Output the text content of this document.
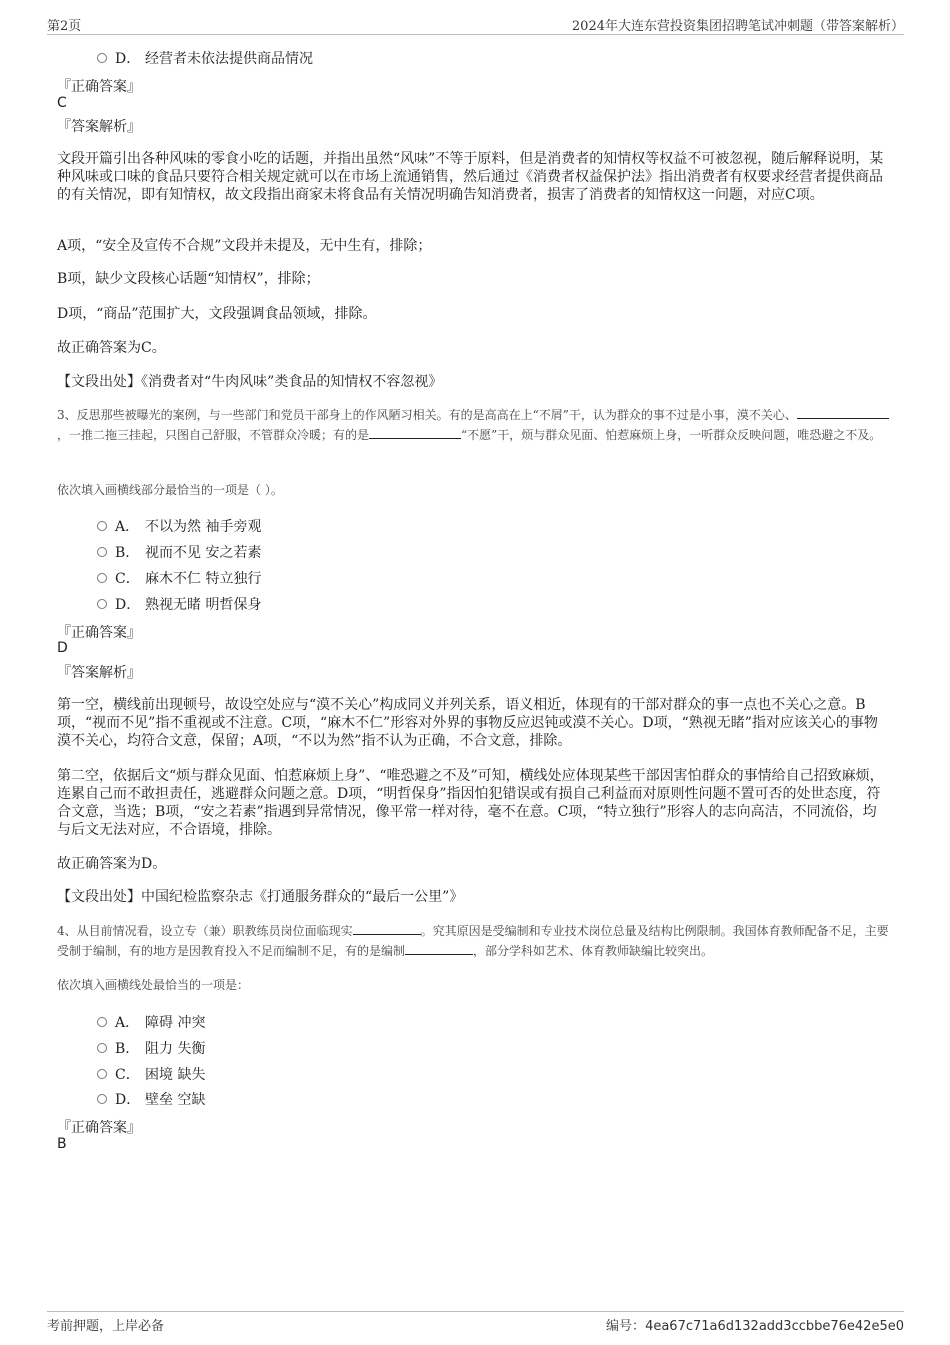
第2页	2024年大连东营投资集团招聘笔试冲刺题（带答案解析）
D． 经营者未依法提供商品情况
『正确答案』
C
『答案解析』
文段开篇引出各种风味的零食小吃的话题，并指出虽然“风味”不等于原料，但是消费者的知情权等权益不可被忽视，随后解释说明，某种风味或口味的食品只要符合相关规定就可以在市场上流通销售，然后通过《消费者权益保护法》指出消费者有权要求经营者提供商品的有关情况，即有知情权，故文段指出商家未将食品有关情况明确告知消费者，损害了消费者的知情权这一问题，对应C项。
A项，“安全及宣传不合规”文段并未提及，无中生有，排除；
B项，缺少文段核心话题“知情权”，排除；
D项，“商品”范围扩大，文段强调食品领域，排除。
故正确答案为C。
【文段出处】《消费者对“牛肉风味”类食品的知情权不容忽视》
3、反思那些被曝光的案例，与一些部门和党员干部身上的作风陋习相关。有的是高高在上“不屑”干，认为群众的事不过是小事，漠不关心、，一推二拖三挂起，只图自己舒服，不管群众冷暖；有的是	“不愿”干，烦与群众见面、怕惹麻烦上身，一听群众反映问题，唯恐避之不及。
依次填入画横线部分最恰当的一项是（ ）。
A． 不以为然 袖手旁观
B． 视而不见 安之若素
C． 麻木不仁 特立独行
D． 熟视无睹 明哲保身
『正确答案』
D
『答案解析』
第一空，横线前出现顿号，故设空处应与“漠不关心”构成同义并列关系，语义相近，体现有的干部对群众的事一点也不关心之意。B项，“视而不见”指不重视或不注意。C项，“麻木不仁”形容对外界的事物反应迟钝或漠不关心。D项，“熟视无睹”指对应该关心的事物漠不关心，均符合文意，保留；A项，“不以为然”指不认为正确，不合文意，排除。
第二空，依据后文“烦与群众见面、怕惹麻烦上身”、“唯恐避之不及”可知，横线处应体现某些干部因害怕群众的事情给自己招致麻烦，连累自己而不敢担责任，逃避群众问题之意。D项，“明哲保身”指因怕犯错误或有损自己利益而对原则性问题不置可否的处世态度，符合文意，当选；B项，“安之若素”指遇到异常情况，像平常一样对待，毫不在意。C项，“特立独行”形容人的志向高洁，不同流俗，均与后文无法对应，不合语境，排除。
故正确答案为D。
【文段出处】中国纪检监察杂志《打通服务群众的“最后一公里”》
4、从目前情况看，设立专（兼）职教练员岗位面临现实	。究其原因是受编制和专业技术岗位总量及结构比例限制。我国体育教师配备不足，主要受制于编制，有的地方是因教育投入不足而编制不足，有的是编制	，部分学科如艺术、体育教师缺编比较突出。
依次填入画横线处最恰当的一项是：
A． 障碍 冲突
B． 阻力 失衡
C． 困境 缺失
D． 壁垒 空缺
『正确答案』
B
考前押题，上岸必备	编号：4ea67c71a6d132add3ccbbe76e42e5e0
